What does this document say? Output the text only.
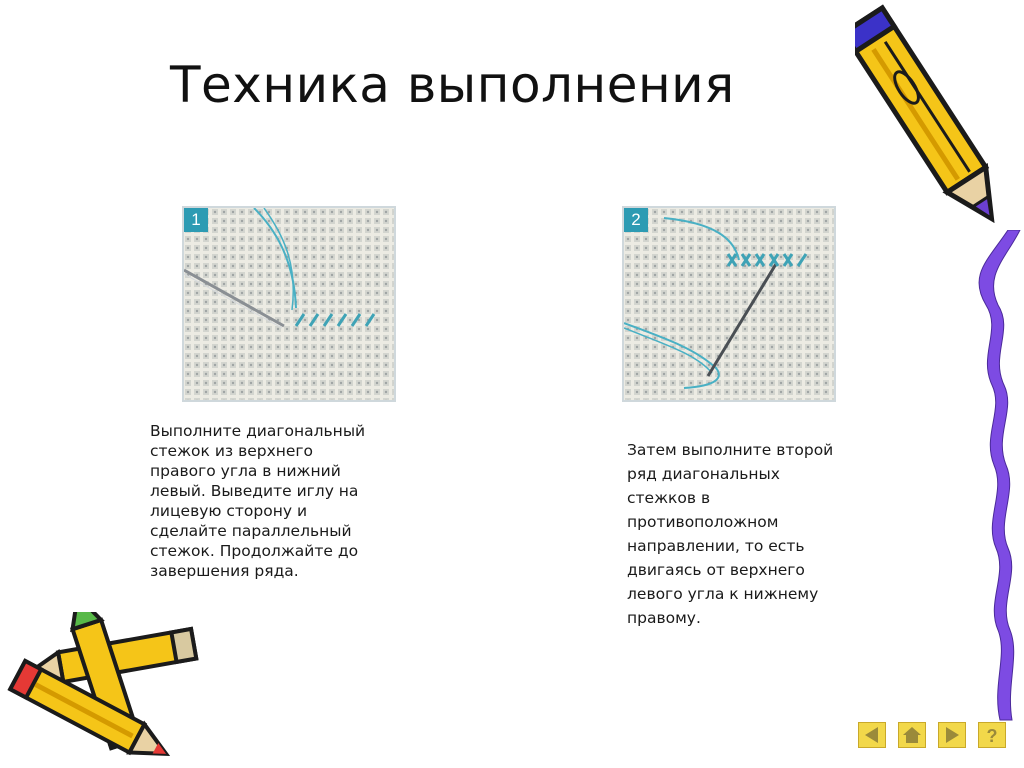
Техника выполнения
1	2
Выполните диагональный
стежок из верхнего
правого угла в нижний
левый. Выведите иглу на
лицевую сторону и
сделайте параллельный
стежок. Продолжайте до
завершения ряда.
Затем выполните второй
ряд диагональных
стежков в
противоположном
направлении, то есть
двигаясь от верхнего
левого угла к нижнему
правому.
?
